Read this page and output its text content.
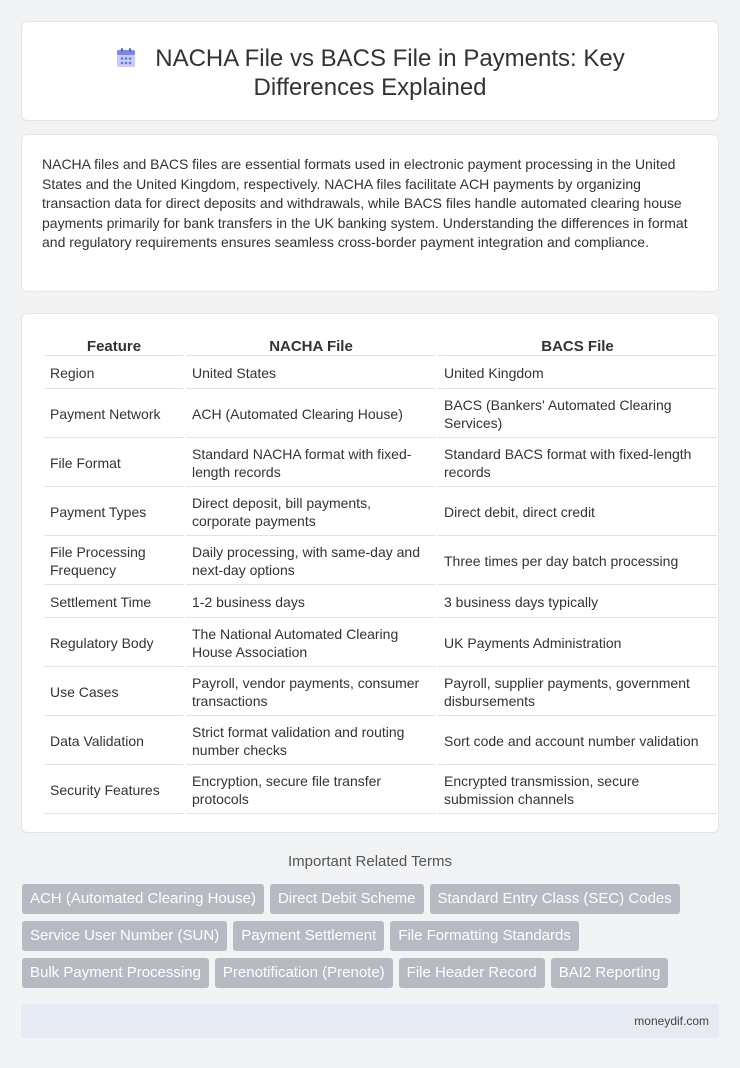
NACHA File vs BACS File in Payments: Key Differences Explained

NACHA files and BACS files are essential formats used in electronic payment processing in the United States and the United Kingdom, respectively. NACHA files facilitate ACH payments by organizing transaction data for direct deposits and withdrawals, while BACS files handle automated clearing house payments primarily for bank transfers in the UK banking system. Understanding the differences in format and regulatory requirements ensures seamless cross-border payment integration and compliance.

Feature	NACHA File	BACS File
Region	United States	United Kingdom
Payment Network	ACH (Automated Clearing House)	BACS (Bankers' Automated Clearing Services)
File Format	Standard NACHA format with fixed-length records	Standard BACS format with fixed-length records
Payment Types	Direct deposit, bill payments, corporate payments	Direct debit, direct credit
File Processing Frequency	Daily processing, with same-day and next-day options	Three times per day batch processing
Settlement Time	1-2 business days	3 business days typically
Regulatory Body	The National Automated Clearing House Association	UK Payments Administration
Use Cases	Payroll, vendor payments, consumer transactions	Payroll, supplier payments, government disbursements
Data Validation	Strict format validation and routing number checks	Sort code and account number validation
Security Features	Encryption, secure file transfer protocols	Encrypted transmission, secure submission channels
Important Related Terms
ACH (Automated Clearing House)	Direct Debit Scheme	Standard Entry Class (SEC) Codes
Service User Number (SUN)	Payment Settlement	File Formatting Standards
Bulk Payment Processing	Prenotification (Prenote)	File Header Record	BAI2 Reporting
moneydif.com
